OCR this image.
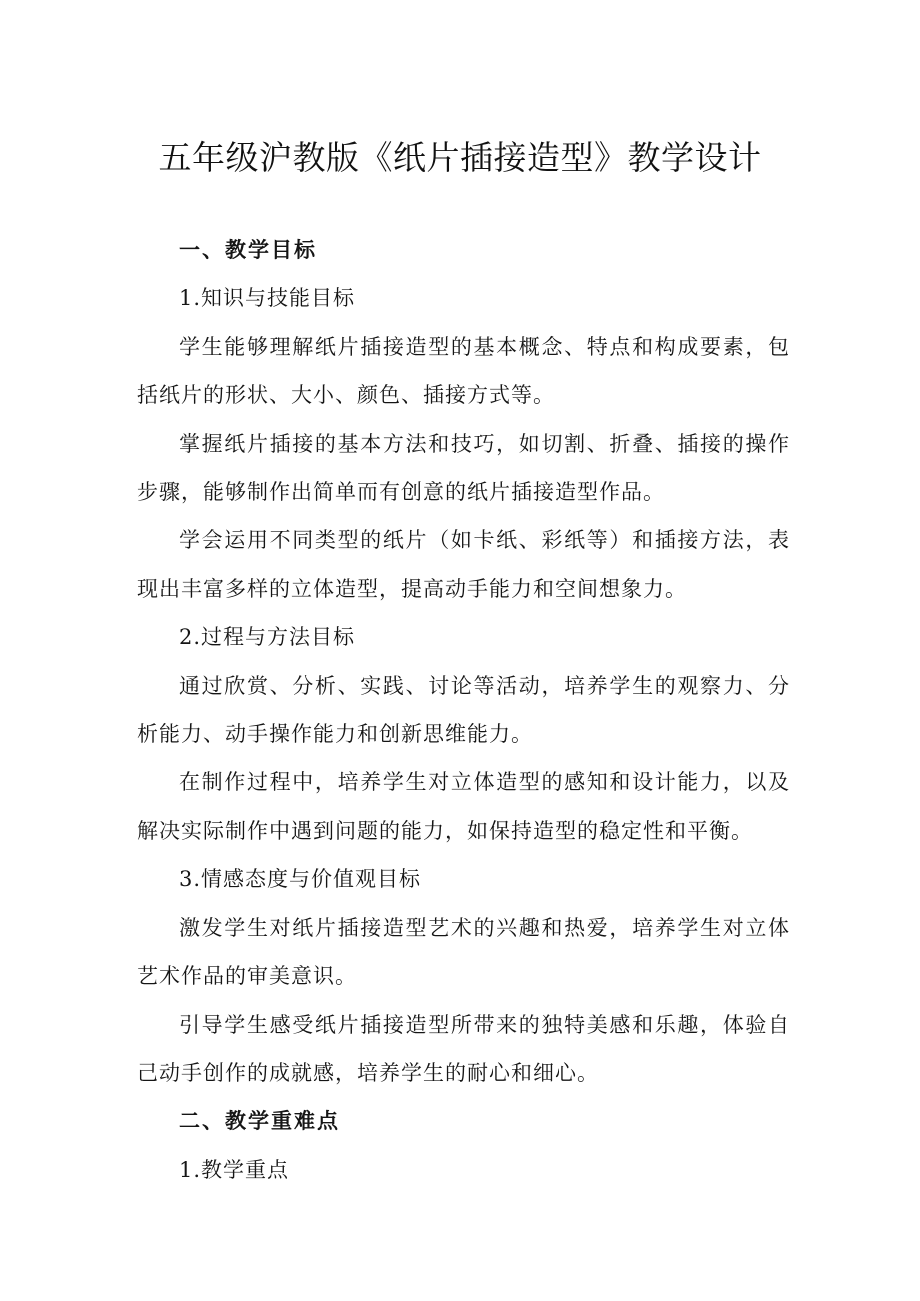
五年级沪教版《纸片插接造型》教学设计

一、教学目标

1.知识与技能目标

学生能够理解纸片插接造型的基本概念、特点和构成要素，包括纸片的形状、大小、颜色、插接方式等。

掌握纸片插接的基本方法和技巧，如切割、折叠、插接的操作步骤，能够制作出简单而有创意的纸片插接造型作品。

学会运用不同类型的纸片（如卡纸、彩纸等）和插接方法，表现出丰富多样的立体造型，提高动手能力和空间想象力。

2.过程与方法目标

通过欣赏、分析、实践、讨论等活动，培养学生的观察力、分析能力、动手操作能力和创新思维能力。

在制作过程中，培养学生对立体造型的感知和设计能力，以及解决实际制作中遇到问题的能力，如保持造型的稳定性和平衡。

3.情感态度与价值观目标

激发学生对纸片插接造型艺术的兴趣和热爱，培养学生对立体艺术作品的审美意识。

引导学生感受纸片插接造型所带来的独特美感和乐趣，体验自己动手创作的成就感，培养学生的耐心和细心。

二、教学重难点

1.教学重点
